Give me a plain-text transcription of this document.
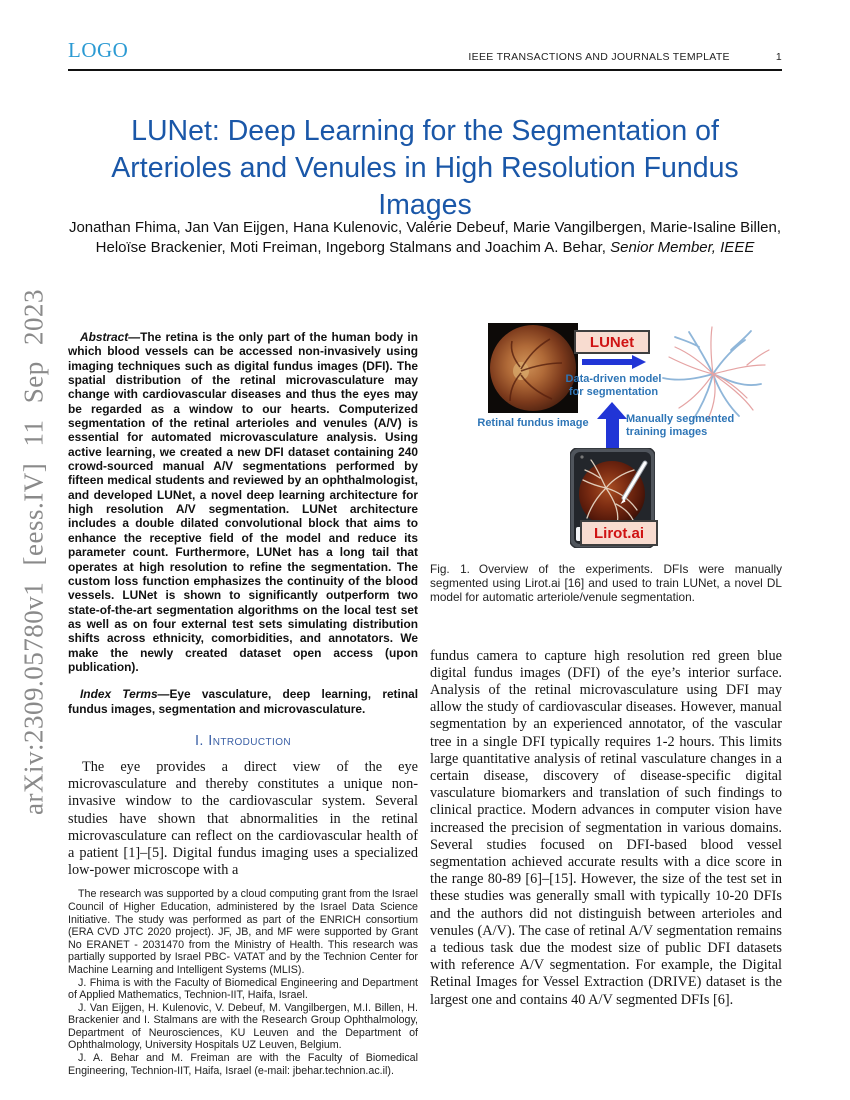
arXiv:2309.05780v1 [eess.IV] 11 Sep 2023
LOGO	IEEE TRANSACTIONS AND JOURNALS TEMPLATE	1
LUNet: Deep Learning for the Segmentation of Arterioles and Venules in High Resolution Fundus Images
Jonathan Fhima, Jan Van Eijgen, Hana Kulenovic, Valérie Debeuf, Marie Vangilbergen, Marie-Isaline Billen, Heloïse Brackenier, Moti Freiman, Ingeborg Stalmans and Joachim A. Behar, Senior Member, IEEE

Abstract—The retina is the only part of the human body in which blood vessels can be accessed non-invasively using imaging techniques such as digital fundus images (DFI). The spatial distribution of the retinal microvasculature may change with cardiovascular diseases and thus the eyes may be regarded as a window to our hearts. Computerized segmentation of the retinal arterioles and venules (A/V) is essential for automated microvasculature analysis. Using active learning, we created a new DFI dataset containing 240 crowd-sourced manual A/V segmentations performed by fifteen medical students and reviewed by an ophthalmologist, and developed LUNet, a novel deep learning architecture for high resolution A/V segmentation. LUNet architecture includes a double dilated convolutional block that aims to enhance the receptive field of the model and reduce its parameter count. Furthermore, LUNet has a long tail that operates at high resolution to refine the segmentation. The custom loss function emphasizes the continuity of the blood vessels. LUNet is shown to significantly outperform two state-of-the-art segmentation algorithms on the local test set as well as on four external test sets simulating distribution shifts across ethnicity, comorbidities, and annotators. We make the newly created dataset open access (upon publication).

Index Terms—Eye vasculature, deep learning, retinal fundus images, segmentation and microvasculature.

I. Introduction

The eye provides a direct view of the eye microvasculature and thereby constitutes a unique non-invasive window to the cardiovascular system. Several studies have shown that abnormalities in the retinal microvasculature can reflect on the cardiovascular health of a patient [1]–[5]. Digital fundus imaging uses a specialized low-power microscope with a

The research was supported by a cloud computing grant from the Israel Council of Higher Education, administered by the Israel Data Science Initiative. The study was performed as part of the ENRICH consortium (ERA CVD JTC 2020 project). JF, JB, and MF were supported by Grant No ERANET - 2031470 from the Ministry of Health. This research was partially supported by Israel PBC- VATAT and by the Technion Center for Machine Learning and Intelligent Systems (MLIS).

J. Fhima is with the Faculty of Biomedical Engineering and Department of Applied Mathematics, Technion-IIT, Haifa, Israel.

J. Van Eijgen, H. Kulenovic, V. Debeuf, M. Vangilbergen, M.I. Billen, H. Brackenier and I. Stalmans are with the Research Group Ophthalmology, Department of Neurosciences, KU Leuven and the Department of Ophthalmology, University Hospitals UZ Leuven, Belgium.

J. A. Behar and M. Freiman are with the Faculty of Biomedical Engineering, Technion-IIT, Haifa, Israel (e-mail: jbehar.technion.ac.il).

Retinal fundus image
LUNet
Data-driven model
for segmentation
Manually segmented
training images
Lirot.ai

Fig. 1. Overview of the experiments. DFIs were manually segmented using Lirot.ai [16] and used to train LUNet, a novel DL model for automatic arteriole/venule segmentation.

fundus camera to capture high resolution red green blue digital fundus images (DFI) of the eye’s interior surface. Analysis of the retinal microvasculature using DFI may allow the study of cardiovascular diseases. However, manual segmentation by an experienced annotator, of the vascular tree in a single DFI typically requires 1-2 hours. This limits large quantitative analysis of retinal vasculature changes in a certain disease, discovery of disease-specific digital vasculature biomarkers and translation of such findings to clinical practice. Modern advances in computer vision have increased the precision of segmentation in various domains. Several studies focused on DFI-based blood vessel segmentation achieved accurate results with a dice score in the range 80-89 [6]–[15]. However, the size of the test set in these studies was generally small with typically 10-20 DFIs and the authors did not distinguish between arterioles and venules (A/V). The case of retinal A/V segmentation remains a tedious task due the modest size of public DFI datasets with reference A/V segmentation. For example, the Digital Retinal Images for Vessel Extraction (DRIVE) dataset is the largest one and contains 40 A/V segmented DFIs [6].
